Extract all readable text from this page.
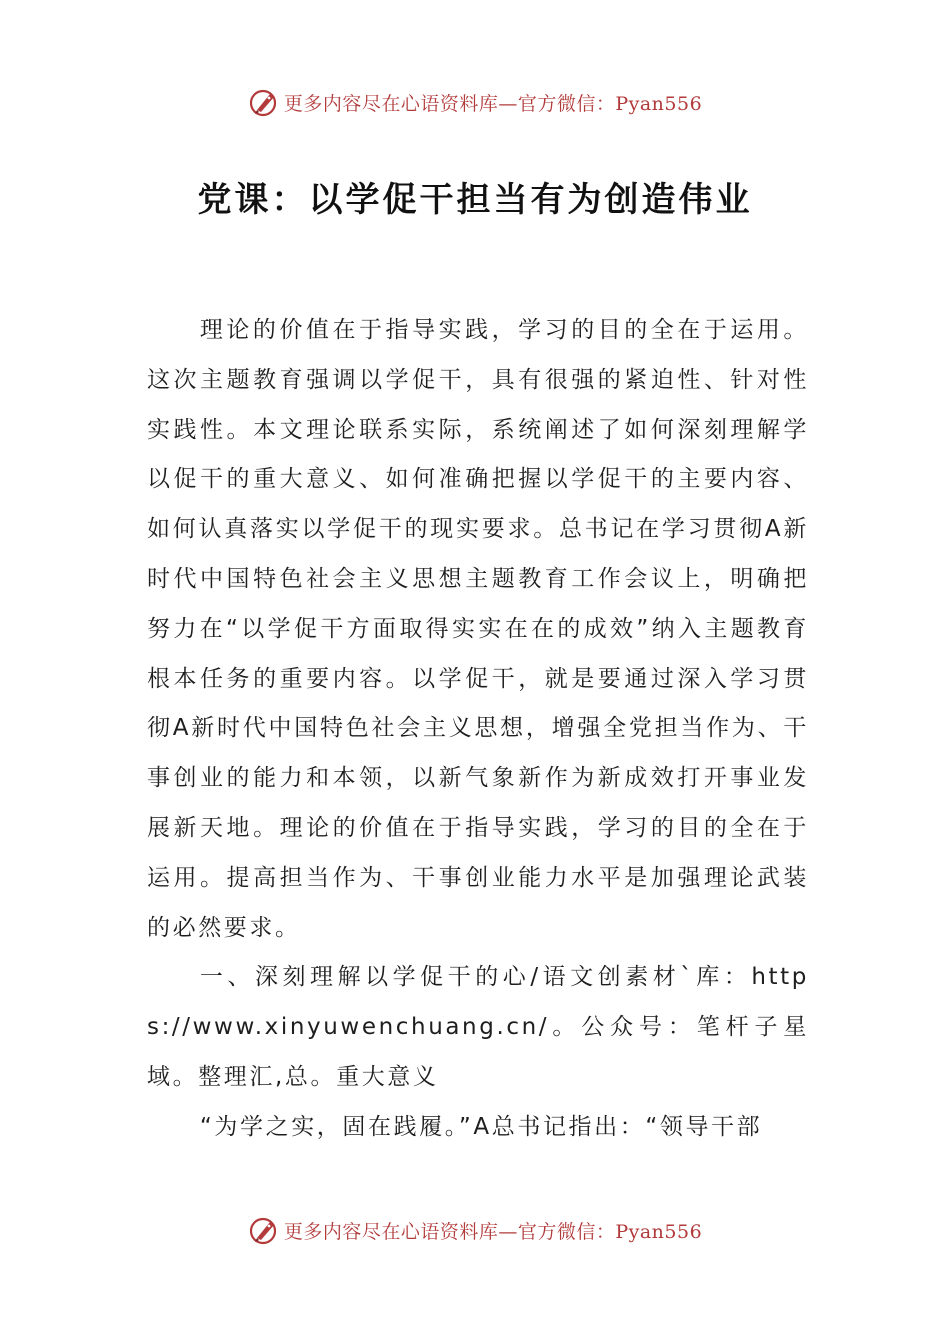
更多内容尽在心语资料库—官方微信：Pyan556
党课：以学促干担当有为创造伟业

理论的价值在于指导实践，学习的目的全在于运用。这次主题教育强调以学促干，具有很强的紧迫性、针对性实践性。本文理论联系实际，系统阐述了如何深刻理解学以促干的重大意义、如何准确把握以学促干的主要内容、如何认真落实以学促干的现实要求。总书记在学习贯彻A新时代中国特色社会主义思想主题教育工作会议上，明确把努力在“以学促干方面取得实实在在的成效”纳入主题教育根本任务的重要内容。以学促干，就是要通过深入学习贯彻A新时代中国特色社会主义思想，增强全党担当作为、干事创业的能力和本领，以新气象新作为新成效打开事业发展新天地。理论的价值在于指导实践，学习的目的全在于运用。提高担当作为、干事创业能力水平是加强理论武装的必然要求。

一、深刻理解以学促干的心/语文创素材`库：https://www.xinyuwenchuang.cn/。公众号：笔杆子星域。整理汇,总。重大意义

“为学之实，固在践履。”A总书记指出：“领导干部

更多内容尽在心语资料库—官方微信：Pyan556
